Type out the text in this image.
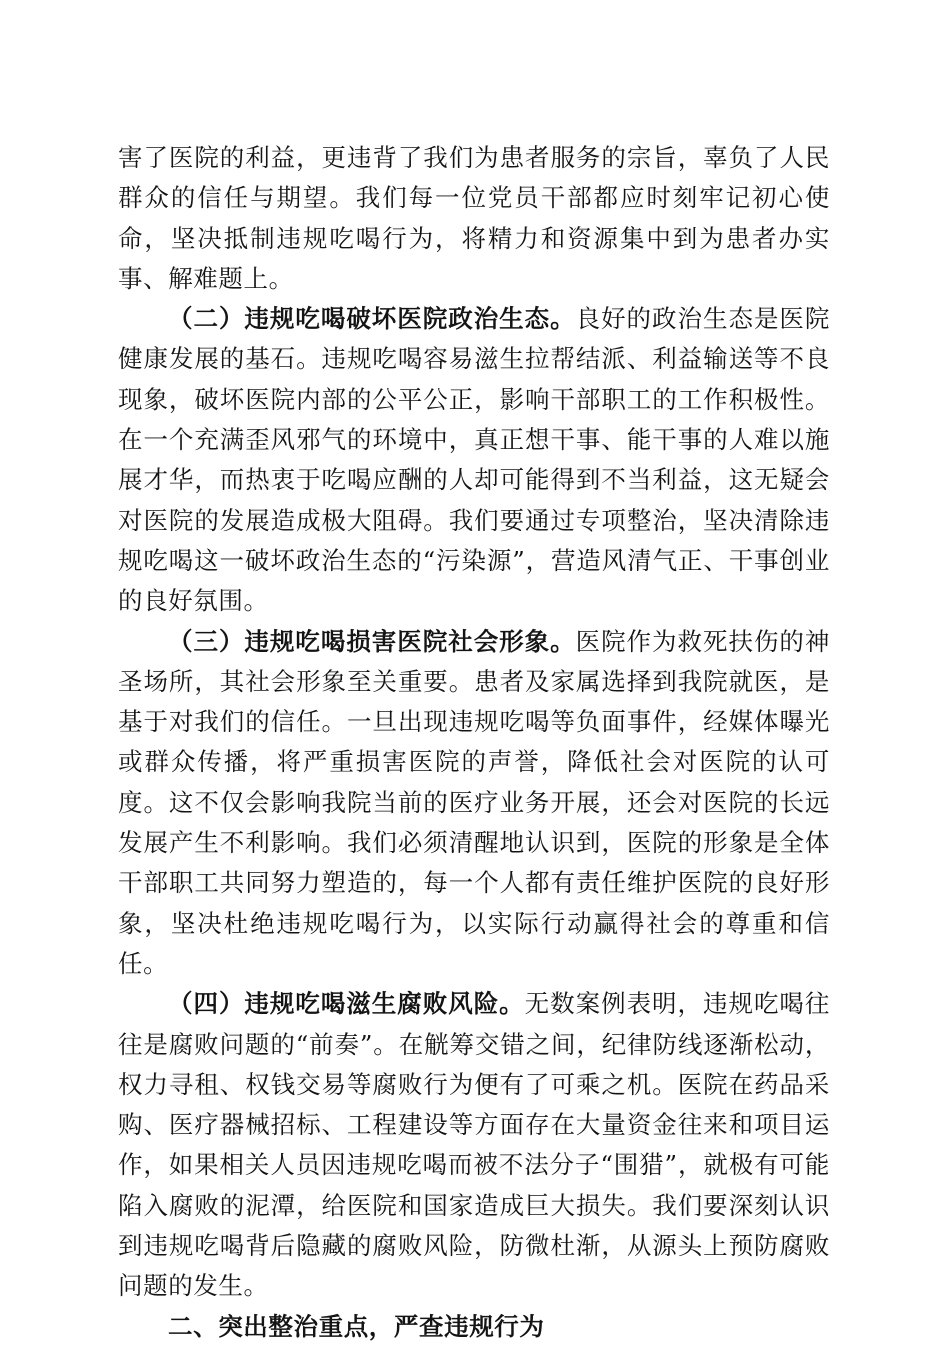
害了医院的利益，更违背了我们为患者服务的宗旨，辜负了人民群众的信任与期望。我们每一位党员干部都应时刻牢记初心使命，坚决抵制违规吃喝行为，将精力和资源集中到为患者办实事、解难题上。

（二）违规吃喝破坏医院政治生态。良好的政治生态是医院健康发展的基石。违规吃喝容易滋生拉帮结派、利益输送等不良现象，破坏医院内部的公平公正，影响干部职工的工作积极性。在一个充满歪风邪气的环境中，真正想干事、能干事的人难以施展才华，而热衷于吃喝应酬的人却可能得到不当利益，这无疑会对医院的发展造成极大阻碍。我们要通过专项整治，坚决清除违规吃喝这一破坏政治生态的“污染源”，营造风清气正、干事创业的良好氛围。

（三）违规吃喝损害医院社会形象。医院作为救死扶伤的神圣场所，其社会形象至关重要。患者及家属选择到我院就医，是基于对我们的信任。一旦出现违规吃喝等负面事件，经媒体曝光或群众传播，将严重损害医院的声誉，降低社会对医院的认可度。这不仅会影响我院当前的医疗业务开展，还会对医院的长远发展产生不利影响。我们必须清醒地认识到，医院的形象是全体干部职工共同努力塑造的，每一个人都有责任维护医院的良好形象，坚决杜绝违规吃喝行为，以实际行动赢得社会的尊重和信任。

（四）违规吃喝滋生腐败风险。无数案例表明，违规吃喝往往是腐败问题的“前奏”。在觥筹交错之间，纪律防线逐渐松动，权力寻租、权钱交易等腐败行为便有了可乘之机。医院在药品采购、医疗器械招标、工程建设等方面存在大量资金往来和项目运作，如果相关人员因违规吃喝而被不法分子“围猎”，就极有可能陷入腐败的泥潭，给医院和国家造成巨大损失。我们要深刻认识到违规吃喝背后隐藏的腐败风险，防微杜渐，从源头上预防腐败问题的发生。

二、突出整治重点，严查违规行为
